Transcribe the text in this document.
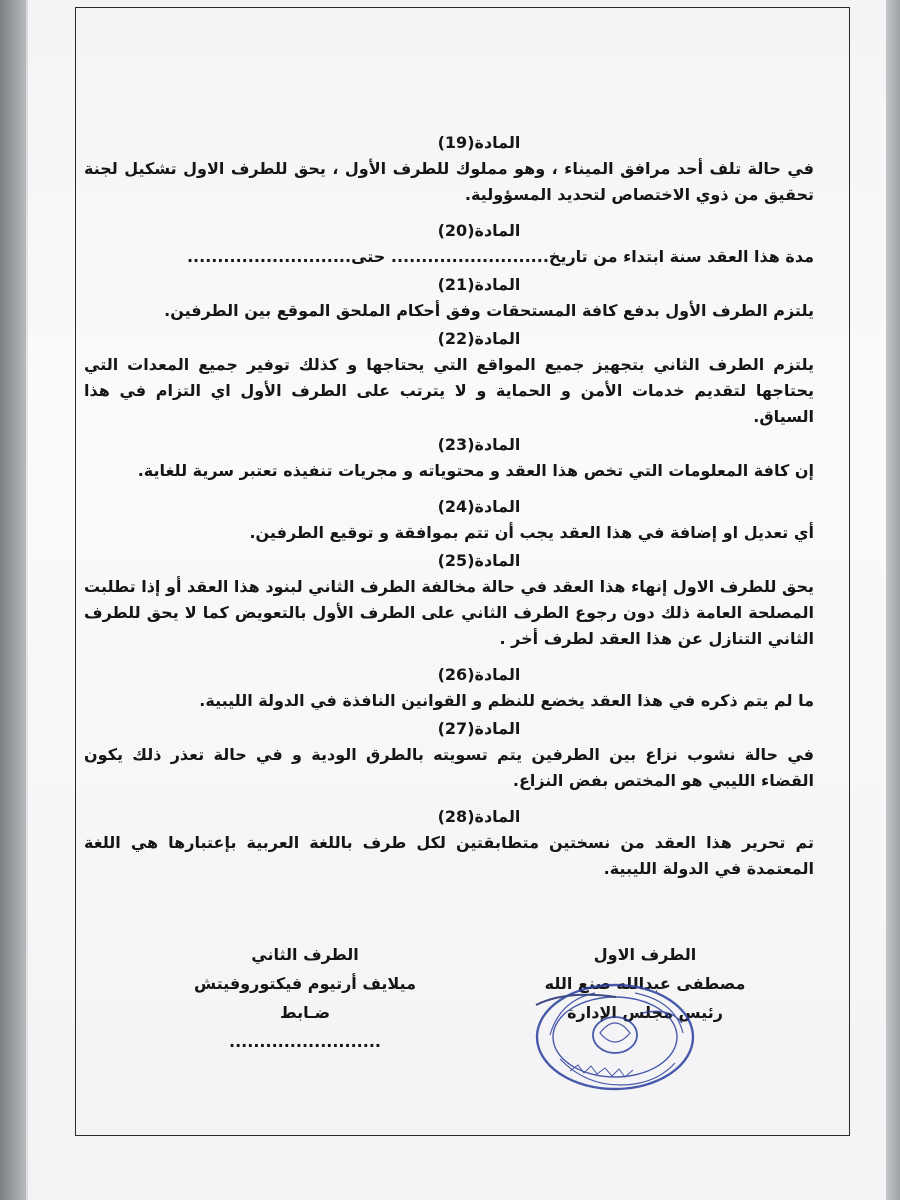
المادة(19)

في حالة تلف أحد مرافق الميناء ، وهو مملوك للطرف الأول ، يحق للطرف الاول تشكيل لجنة تحقيق من ذوي الاختصاص لتحديد المسؤولية.

المادة(20)

مدة هذا العقد سنة ابتداء من تاريخ.......................... حتى...........................

المادة(21)

يلتزم الطرف الأول بدفع كافة المستحقات وفق أحكام الملحق الموقع بين الطرفين.

المادة(22)

يلتزم الطرف الثاني بتجهيز جميع المواقع التي يحتاجها و كذلك توفير جميع المعدات التي يحتاجها لتقديم خدمات الأمن و الحماية و لا يترتب على الطرف الأول اي التزام في هذا السياق.

المادة(23)

إن كافة المعلومات التي تخص هذا العقد و محتوياته و مجريات تنفيذه تعتبر سرية للغاية.

المادة(24)

أي تعديل او إضافة في هذا العقد يجب أن تتم بموافقة و توقيع الطرفين.

المادة(25)

يحق للطرف الاول إنهاء هذا العقد في حالة مخالفة الطرف الثاني لبنود هذا العقد أو إذا تطلبت المصلحة العامة ذلك دون رجوع الطرف الثاني على الطرف الأول بالتعويض كما لا يحق للطرف الثاني التنازل عن هذا العقد لطرف أخر .

المادة(26)

ما لم يتم ذكره في هذا العقد يخضع للنظم و القوانين النافذة في الدولة الليبية.

المادة(27)

في حالة نشوب نزاع بين الطرفين يتم تسويته بالطرق الودية و في حالة تعذر ذلك يكون القضاء الليبي هو المختص بفض النزاع.

المادة(28)

تم تحرير هذا العقد من نسختين متطابقتين لكل طرف باللغة العربية بإعتبارها هي اللغة المعتمدة في الدولة الليبية.

الطرف الاول
مصطفى عبدالله صنع الله
رئيس مجلس الإدارة
الطرف الثاني
ميلايف أرتيوم فيكتوروفيتش
ضـابط
.........................
